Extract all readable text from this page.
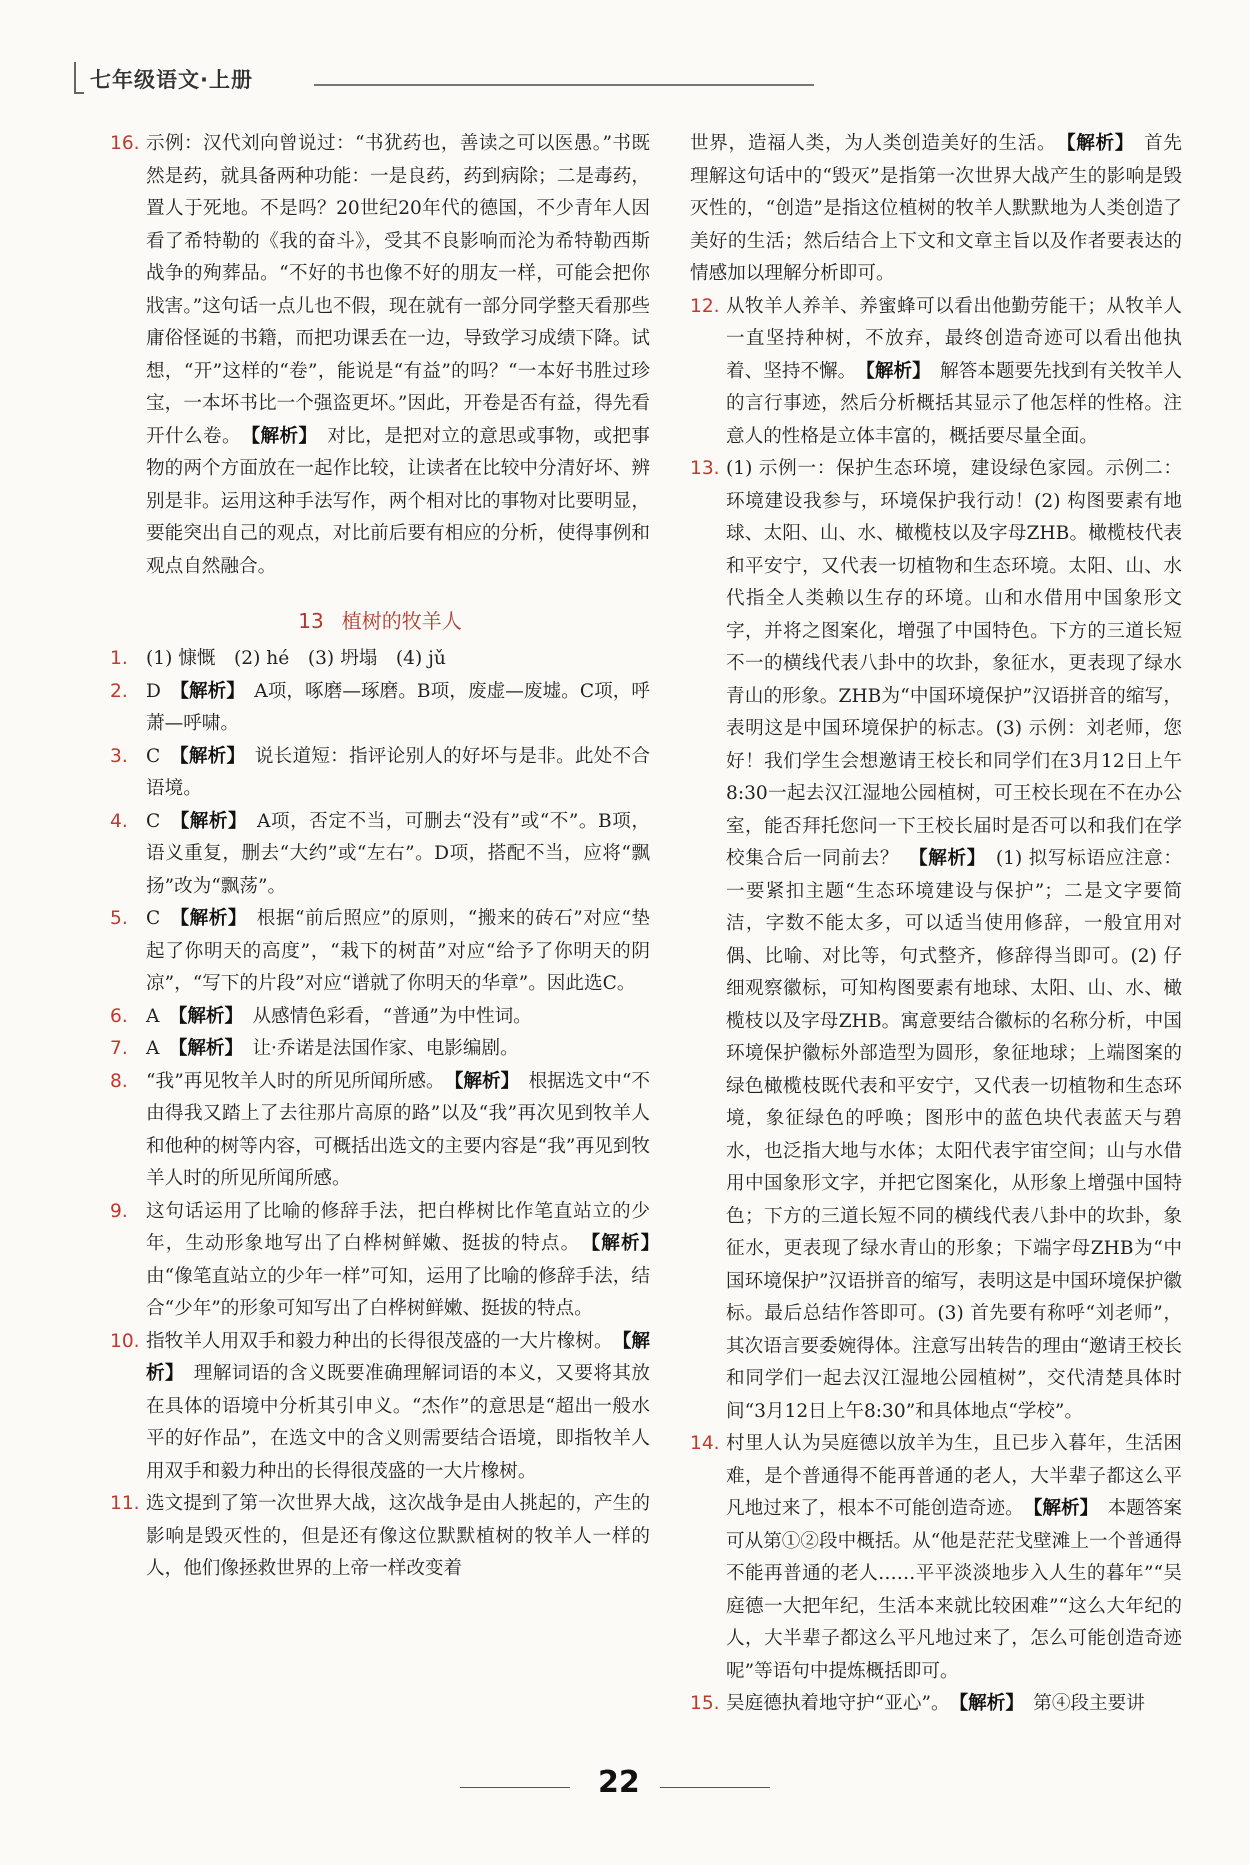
七年级语文·上册

16. 示例：汉代刘向曾说过：“书犹药也，善读之可以医愚。”书既然是药，就具备两种功能：一是良药，药到病除；二是毒药，置人于死地。不是吗？20世纪20年代的德国，不少青年人因看了希特勒的《我的奋斗》，受其不良影响而沦为希特勒西斯战争的殉葬品。“不好的书也像不好的朋友一样，可能会把你戕害。”这句话一点儿也不假，现在就有一部分同学整天看那些庸俗怪诞的书籍，而把功课丢在一边，导致学习成绩下降。试想，“开”这样的“卷”，能说是“有益”的吗？“一本好书胜过珍宝，一本坏书比一个强盗更坏。”因此，开卷是否有益，得先看开什么卷。　 【解析】　 对比，是把对立的意思或事物，或把事物的两个方面放在一起作比较，让读者在比较中分清好坏、辨别是非。运用这种手法写作，两个相对比的事物对比要明显，要能突出自己的观点，对比前后要有相应的分析，使得事例和观点自然融合。

13 植树的牧羊人

1. (1) 慷慨　(2) hé　(3) 坍塌　(4) jǔ

2. D　 【解析】　 A项，啄磨—琢磨。B项，废虚—废墟。C项，呼萧—呼啸。

3. C　 【解析】　 说长道短：指评论别人的好坏与是非。此处不合语境。

4. C　 【解析】　 A项，否定不当，可删去“没有”或“不”。B项，语义重复，删去“大约”或“左右”。D项，搭配不当，应将“飘扬”改为“飘荡”。

5. C　 【解析】　 根据“前后照应”的原则，“搬来的砖石”对应“垫起了你明天的高度”，“栽下的树苗”对应“给予了你明天的阴凉”，“写下的片段”对应“谱就了你明天的华章”。因此选C。

6. A　 【解析】　 从感情色彩看，“普通”为中性词。

7. A　 【解析】　 让·乔诺是法国作家、电影编剧。

8. “我”再见牧羊人时的所见所闻所感。　 【解析】　 根据选文中“不由得我又踏上了去往那片高原的路”以及“我”再次见到牧羊人和他种的树等内容，可概括出选文的主要内容是“我”再见到牧羊人时的所见所闻所感。

9. 这句话运用了比喻的修辞手法，把白桦树比作笔直站立的少年，生动形象地写出了白桦树鲜嫩、挺拔的特点。　 【解析】　由“像笔直站立的少年一样”可知，运用了比喻的修辞手法，结合“少年”的形象可知写出了白桦树鲜嫩、挺拔的特点。

10. 指牧羊人用双手和毅力种出的长得很茂盛的一大片橡树。　 【解析】　 理解词语的含义既要准确理解词语的本义，又要将其放在具体的语境中分析其引申义。“杰作”的意思是“超出一般水平的好作品”，在选文中的含义则需要结合语境，即指牧羊人用双手和毅力种出的长得很茂盛的一大片橡树。

11. 选文提到了第一次世界大战，这次战争是由人挑起的，产生的影响是毁灭性的，但是还有像这位默默植树的牧羊人一样的人，他们像拯救世界的上帝一样改变着

世界，造福人类，为人类创造美好的生活。　 【解析】　 首先理解这句话中的“毁灭”是指第一次世界大战产生的影响是毁灭性的，“创造”是指这位植树的牧羊人默默地为人类创造了美好的生活；然后结合上下文和文章主旨以及作者要表达的情感加以理解分析即可。

12. 从牧羊人养羊、养蜜蜂可以看出他勤劳能干；从牧羊人一直坚持种树，不放弃，最终创造奇迹可以看出他执着、坚持不懈。　 【解析】　 解答本题要先找到有关牧羊人的言行事迹，然后分析概括其显示了他怎样的性格。注意人的性格是立体丰富的，概括要尽量全面。

13. (1) 示例一：保护生态环境，建设绿色家园。示例二：环境建设我参与，环境保护我行动！(2) 构图要素有地球、太阳、山、水、橄榄枝以及字母ZHB。橄榄枝代表和平安宁，又代表一切植物和生态环境。太阳、山、水代指全人类赖以生存的环境。山和水借用中国象形文字，并将之图案化，增强了中国特色。下方的三道长短不一的横线代表八卦中的坎卦，象征水，更表现了绿水青山的形象。ZHB为“中国环境保护”汉语拼音的缩写，表明这是中国环境保护的标志。(3) 示例：刘老师，您好！我们学生会想邀请王校长和同学们在3月12日上午8:30一起去汉江湿地公园植树，可王校长现在不在办公室，能否拜托您问一下王校长届时是否可以和我们在学校集合后一同前去？　 【解析】　 (1) 拟写标语应注意：一要紧扣主题“生态环境建设与保护”；二是文字要简洁，字数不能太多，可以适当使用修辞，一般宜用对偶、比喻、对比等，句式整齐，修辞得当即可。(2) 仔细观察徽标，可知构图要素有地球、太阳、山、水、橄榄枝以及字母ZHB。寓意要结合徽标的名称分析，中国环境保护徽标外部造型为圆形，象征地球；上端图案的绿色橄榄枝既代表和平安宁，又代表一切植物和生态环境，象征绿色的呼唤；图形中的蓝色块代表蓝天与碧水，也泛指大地与水体；太阳代表宇宙空间；山与水借用中国象形文字，并把它图案化，从形象上增强中国特色；下方的三道长短不同的横线代表八卦中的坎卦，象征水，更表现了绿水青山的形象；下端字母ZHB为“中国环境保护”汉语拼音的缩写，表明这是中国环境保护徽标。最后总结作答即可。(3) 首先要有称呼“刘老师”，其次语言要委婉得体。注意写出转告的理由“邀请王校长和同学们一起去汉江湿地公园植树”，交代清楚具体时间“3月12日上午8:30”和具体地点“学校”。

14. 村里人认为吴庭德以放羊为生，且已步入暮年，生活困难，是个普通得不能再普通的老人，大半辈子都这么平凡地过来了，根本不可能创造奇迹。　 【解析】　 本题答案可从第①②段中概括。从“他是茫茫戈壁滩上一个普通得不能再普通的老人……平平淡淡地步入人生的暮年”“吴庭德一大把年纪，生活本来就比较困难”“这么大年纪的人，大半辈子都这么平凡地过来了，怎么可能创造奇迹呢”等语句中提炼概括即可。

15. 吴庭德执着地守护“亚心”。　 【解析】　 第④段主要讲

22
